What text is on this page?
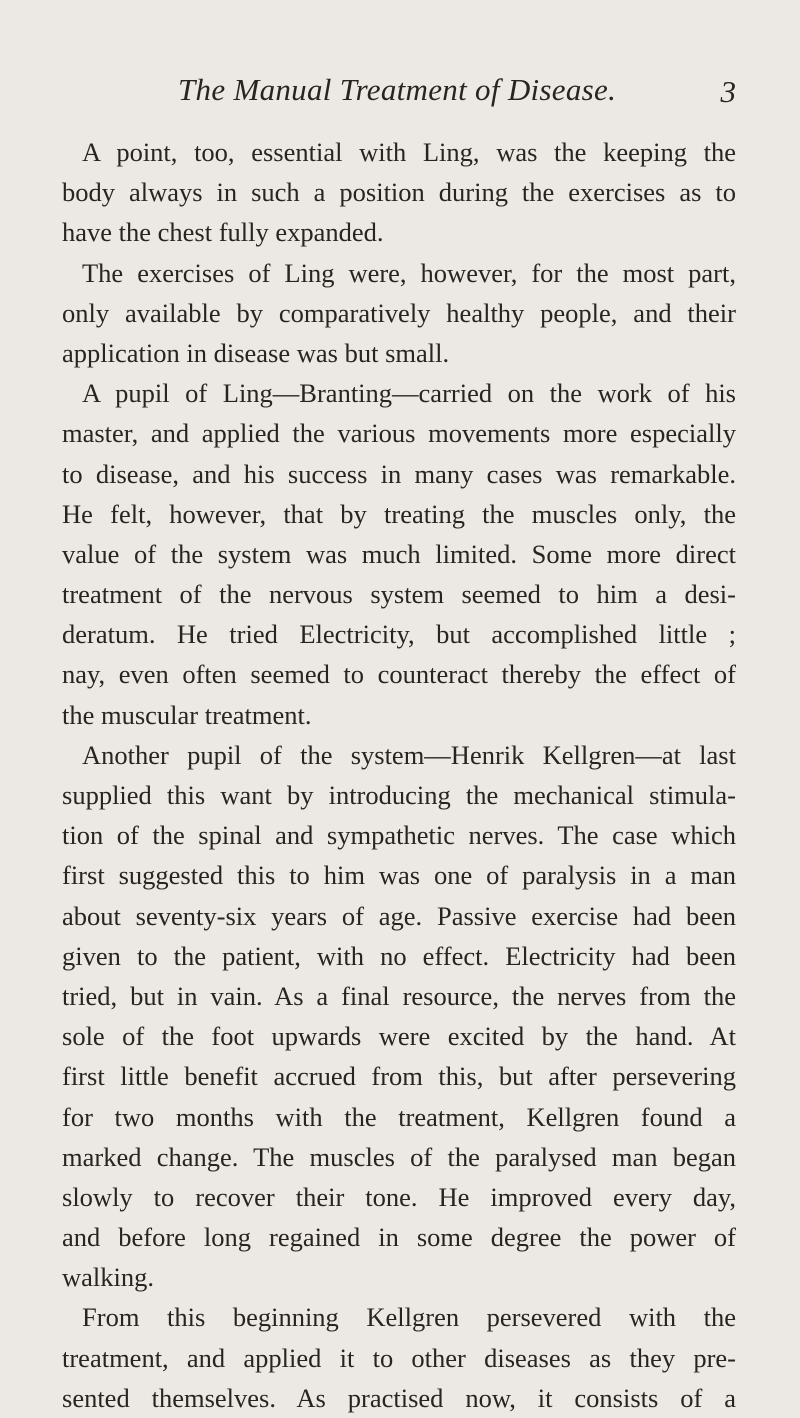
The Manual Treatment of Disease.	3
A point, too, essential with Ling, was the keeping the
body always in such a position during the exercises as to
have the chest fully expanded.
The exercises of Ling were, however, for the most part,
only available by comparatively healthy people, and their
application in disease was but small.
A pupil of Ling—Branting—carried on the work of his
master, and applied the various movements more especially
to disease, and his success in many cases was remarkable.
He felt, however, that by treating the muscles only, the
value of the system was much limited. Some more direct
treatment of the nervous system seemed to him a desi-
deratum. He tried Electricity, but accomplished little ;
nay, even often seemed to counteract thereby the effect of
the muscular treatment.
Another pupil of the system—Henrik Kellgren—at last
supplied this want by introducing the mechanical stimula-
tion of the spinal and sympathetic nerves. The case which
first suggested this to him was one of paralysis in a man
about seventy-six years of age. Passive exercise had been
given to the patient, with no effect. Electricity had been
tried, but in vain. As a final resource, the nerves from the
sole of the foot upwards were excited by the hand. At
first little benefit accrued from this, but after persevering
for two months with the treatment, Kellgren found a
marked change. The muscles of the paralysed man began
slowly to recover their tone. He improved every day,
and before long regained in some degree the power of
walking.
From this beginning Kellgren persevered with the
treatment, and applied it to other diseases as they pre-
sented themselves. As practised now, it consists of a
